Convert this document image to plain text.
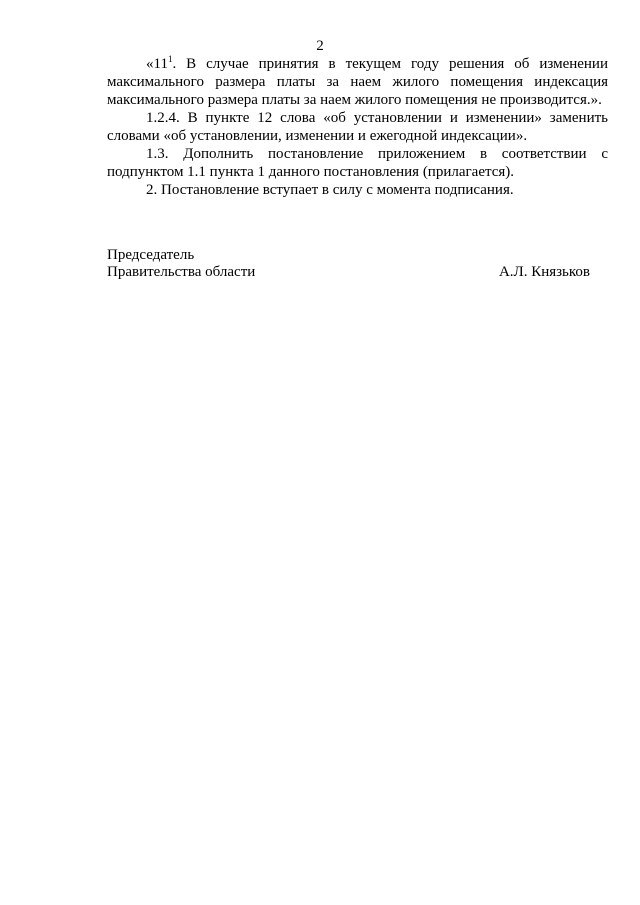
2

«$11^1$. В случае принятия в текущем году решения об изменении максимального размера платы за наем жилого помещения индексация максимального размера платы за наем жилого помещения не производится.».

1.2.4. В пункте 12 слова «об установлении и изменении» заменить словами «об установлении, изменении и ежегодной индексации».

1.3. Дополнить постановление приложением в соответствии с подпунктом 1.1 пункта 1 данного постановления (прилагается).

2. Постановление вступает в силу с момента подписания.

Председатель
Правительства области	А.Л. Князьков
